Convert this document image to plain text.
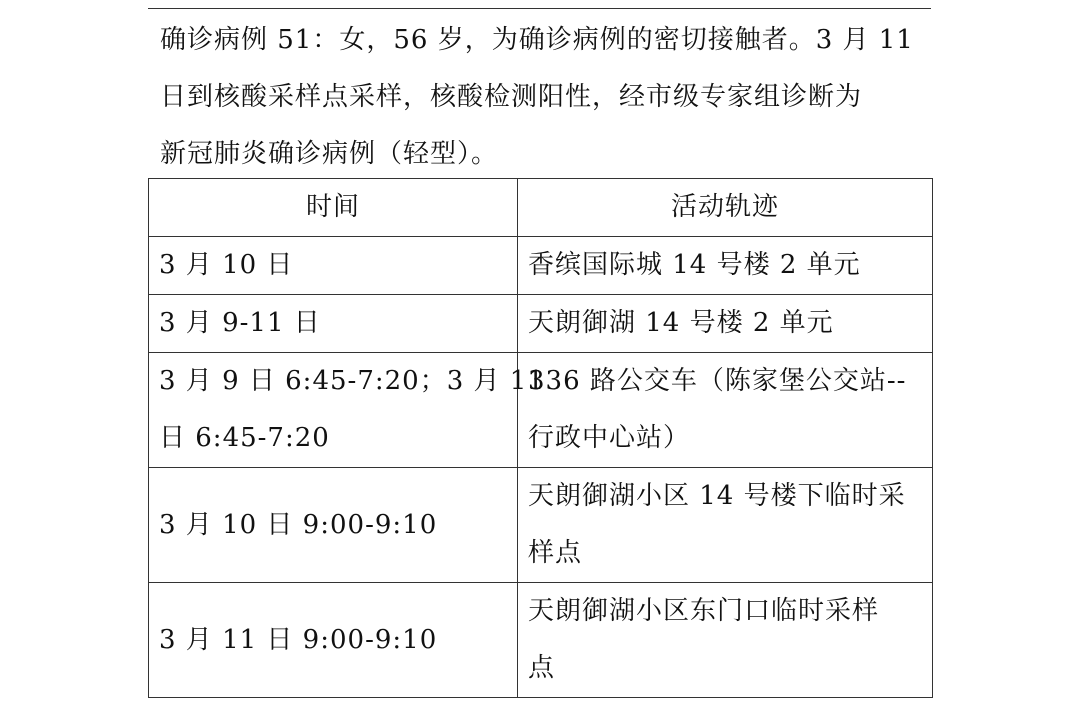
确诊病例 51：女，56 岁，为确诊病例的密切接触者。3 月 11
日到核酸采样点采样，核酸检测阳性，经市级专家组诊断为
新冠肺炎确诊病例（轻型）。

时间	活动轨迹

3 月 10 日	香缤国际城 14 号楼 2 单元

3 月 9-11 日	天朗御湖 14 号楼 2 单元

3 月 9 日 6:45-7:20；3 月 11
日 6:45-7:20	336 路公交车（陈家堡公交站--
行政中心站）

3 月 10 日 9:00-9:10	天朗御湖小区 14 号楼下临时采
样点

3 月 11 日 9:00-9:10	天朗御湖小区东门口临时采样
点
